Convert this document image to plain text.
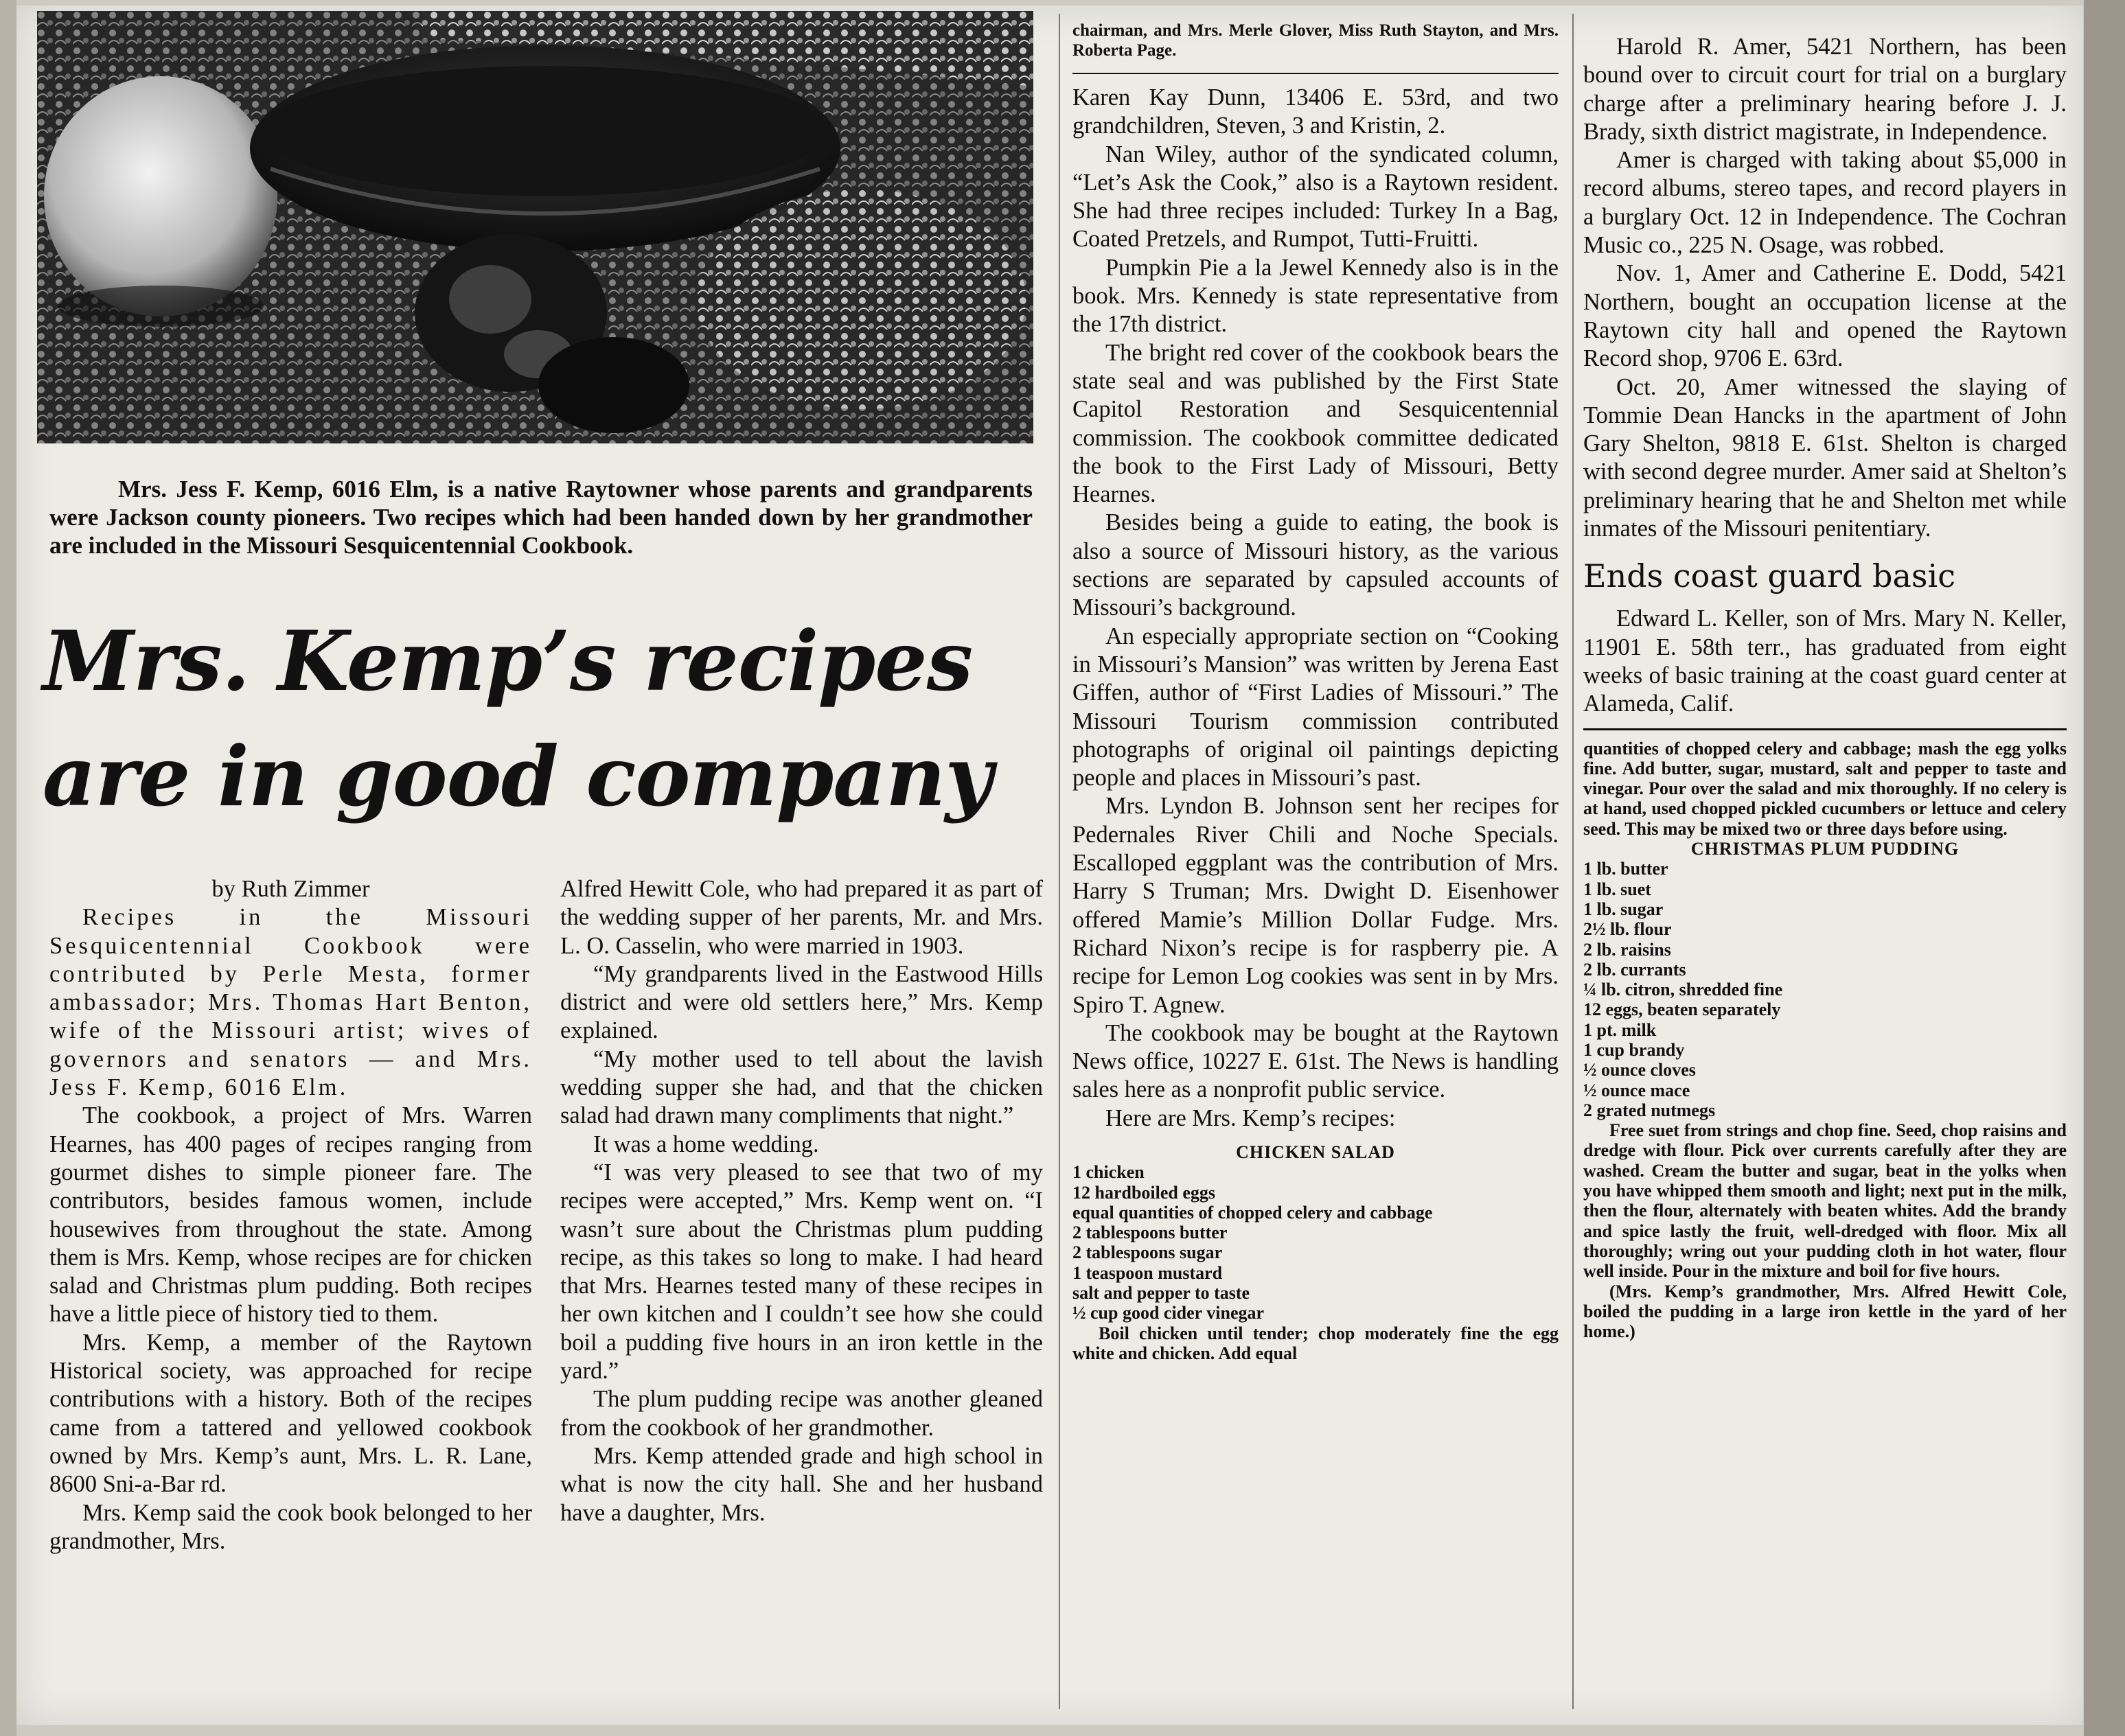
Mrs. Jess F. Kemp, 6016 Elm, is a native Raytowner whose parents and grandparents were Jackson county pioneers. Two recipes which had been handed down by her grandmother are included in the Missouri Sesquicentennial Cookbook.

Mrs. Kemp’s recipes
are in good company

by Ruth Zimmer

Recipes in the Missouri Sesquicentennial Cookbook were contributed by Perle Mesta, former ambassador; Mrs. Thomas Hart Benton, wife of the Missouri artist; wives of governors and senators — and Mrs. Jess F. Kemp, 6016 Elm.

The cookbook, a project of Mrs. Warren Hearnes, has 400 pages of recipes ranging from gourmet dishes to simple pioneer fare. The contributors, besides famous women, include housewives from throughout the state. Among them is Mrs. Kemp, whose recipes are for chicken salad and Christmas plum pudding. Both recipes have a little piece of history tied to them.

Mrs. Kemp, a member of the Raytown Historical society, was approached for recipe contributions with a history. Both of the recipes came from a tattered and yellowed cookbook owned by Mrs. Kemp’s aunt, Mrs. L. R. Lane, 8600 Sni-a-Bar rd.

Mrs. Kemp said the cook book belonged to her grandmother, Mrs.

Alfred Hewitt Cole, who had prepared it as part of the wedding supper of her parents, Mr. and Mrs. L. O. Casselin, who were married in 1903.

“My grandparents lived in the Eastwood Hills district and were old settlers here,” Mrs. Kemp explained.

“My mother used to tell about the lavish wedding supper she had, and that the chicken salad had drawn many compliments that night.”

It was a home wedding.

“I was very pleased to see that two of my recipes were accepted,” Mrs. Kemp went on. “I wasn’t sure about the Christmas plum pudding recipe, as this takes so long to make. I had heard that Mrs. Hearnes tested many of these recipes in her own kitchen and I couldn’t see how she could boil a pudding five hours in an iron kettle in the yard.”

The plum pudding recipe was another gleaned from the cookbook of her grandmother.

Mrs. Kemp attended grade and high school in what is now the city hall. She and her husband have a daughter, Mrs.

chairman, and Mrs. Merle Glover, Miss Ruth Stayton, and Mrs. Roberta Page.

Karen Kay Dunn, 13406 E. 53rd, and two grandchildren, Steven, 3 and Kristin, 2.

Nan Wiley, author of the syndicated column, “Let’s Ask the Cook,” also is a Raytown resident. She had three recipes included: Turkey In a Bag, Coated Pretzels, and Rumpot, Tutti-Fruitti.

Pumpkin Pie a la Jewel Kennedy also is in the book. Mrs. Kennedy is state representative from the 17th district.

The bright red cover of the cookbook bears the state seal and was published by the First State Capitol Restoration and Sesquicentennial commission. The cookbook committee dedicated the book to the First Lady of Missouri, Betty Hearnes.

Besides being a guide to eating, the book is also a source of Missouri history, as the various sections are separated by capsuled accounts of Missouri’s background.

An especially appropriate section on “Cooking in Missouri’s Mansion” was written by Jerena East Giffen, author of “First Ladies of Missouri.” The Missouri Tourism commission contributed photographs of original oil paintings depicting people and places in Missouri’s past.

Mrs. Lyndon B. Johnson sent her recipes for Pedernales River Chili and Noche Specials. Escalloped eggplant was the contribution of Mrs. Harry S Truman; Mrs. Dwight D. Eisenhower offered Mamie’s Million Dollar Fudge. Mrs. Richard Nixon’s recipe is for raspberry pie. A recipe for Lemon Log cookies was sent in by Mrs. Spiro T. Agnew.

The cookbook may be bought at the Raytown News office, 10227 E. 61st. The News is handling sales here as a nonprofit public service.

Here are Mrs. Kemp’s recipes:

CHICKEN SALAD

1 chicken

12 hardboiled eggs

equal quantities of chopped celery and cabbage

2 tablespoons butter

2 tablespoons sugar

1 teaspoon mustard

salt and pepper to taste

½ cup good cider vinegar

Boil chicken until tender; chop moderately fine the egg white and chicken. Add equal

Harold R. Amer, 5421 Northern, has been bound over to circuit court for trial on a burglary charge after a preliminary hearing before J. J. Brady, sixth district magistrate, in Independence.

Amer is charged with taking about $5,000 in record albums, stereo tapes, and record players in a burglary Oct. 12 in Independence. The Cochran Music co., 225 N. Osage, was robbed.

Nov. 1, Amer and Catherine E. Dodd, 5421 Northern, bought an occupation license at the Raytown city hall and opened the Raytown Record shop, 9706 E. 63rd.

Oct. 20, Amer witnessed the slaying of Tommie Dean Hancks in the apartment of John Gary Shelton, 9818 E. 61st. Shelton is charged with second degree murder. Amer said at Shelton’s preliminary hearing that he and Shelton met while inmates of the Missouri penitentiary.

Ends coast guard basic

Edward L. Keller, son of Mrs. Mary N. Keller, 11901 E. 58th terr., has graduated from eight weeks of basic training at the coast guard center at Alameda, Calif.

quantities of chopped celery and cabbage; mash the egg yolks fine. Add butter, sugar, mustard, salt and pepper to taste and vinegar. Pour over the salad and mix thoroughly. If no celery is at hand, used chopped pickled cucumbers or lettuce and celery seed. This may be mixed two or three days before using.

CHRISTMAS PLUM PUDDING

1 lb. butter

1 lb. suet

1 lb. sugar

2½ lb. flour

2 lb. raisins

2 lb. currants

¼ lb. citron, shredded fine

12 eggs, beaten separately

1 pt. milk

1 cup brandy

½ ounce cloves

½ ounce mace

2 grated nutmegs

Free suet from strings and chop fine. Seed, chop raisins and dredge with flour. Pick over currents carefully after they are washed. Cream the butter and sugar, beat in the yolks when you have whipped them smooth and light; next put in the milk, then the flour, alternately with beaten whites. Add the brandy and spice lastly the fruit, well-dredged with floor. Mix all thoroughly; wring out your pudding cloth in hot water, flour well inside. Pour in the mixture and boil for five hours.

(Mrs. Kemp’s grandmother, Mrs. Alfred Hewitt Cole, boiled the pudding in a large iron kettle in the yard of her home.)
